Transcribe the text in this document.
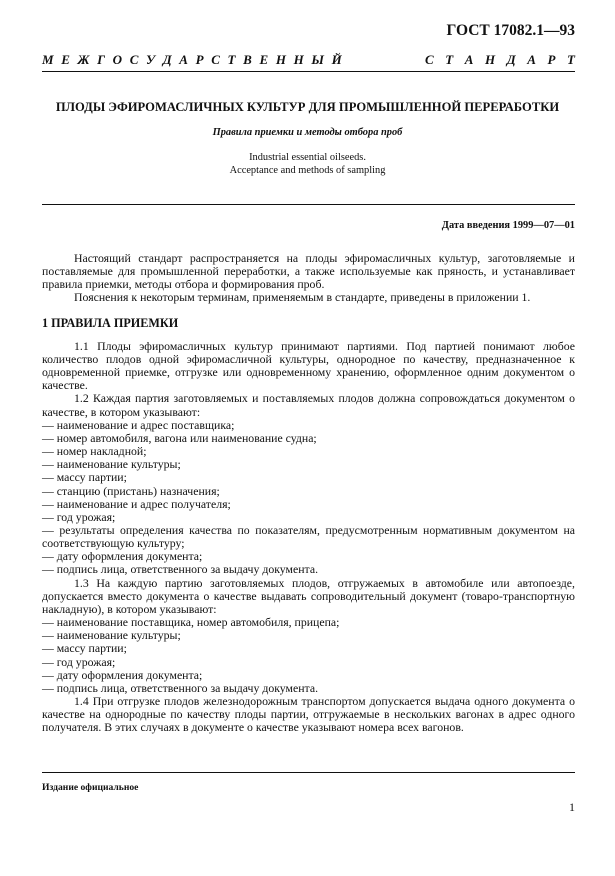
ГОСТ 17082.1—93
М Е Ж Г О С У Д А Р С Т В Е Н Н Ы Й	С Т А Н Д А Р Т
ПЛОДЫ ЭФИРОМАСЛИЧНЫХ КУЛЬТУР ДЛЯ ПРОМЫШЛЕННОЙ ПЕРЕРАБОТКИ
Правила приемки и методы отбора проб
Industrial essential oilseeds.
Acceptance and methods of sampling
Дата введения 1999—07—01

Настоящий стандарт распространяется на плоды эфиромасличных культур, заготовляемые и поставляемые для промышленной переработки, а также используемые как пряность, и устанавливает правила приемки, методы отбора и формирования проб.

Пояснения к некоторым терминам, применяемым в стандарте, приведены в приложении 1.

1 ПРАВИЛА ПРИЕМКИ

1.1 Плоды эфиромасличных культур принимают партиями. Под партией понимают любое количество плодов одной эфиромасличной культуры, однородное по качеству, предназначенное к одновременной приемке, отгрузке или одновременному хранению, оформленное одним документом о качестве.

1.2 Каждая партия заготовляемых и поставляемых плодов должна сопровождаться документом о качестве, в котором указывают:

— наименование и адрес поставщика;

— номер автомобиля, вагона или наименование судна;

— номер накладной;

— наименование культуры;

— массу партии;

— станцию (пристань) назначения;

— наименование и адрес получателя;

— год урожая;

— результаты определения качества по показателям, предусмотренным нормативным документом на соответствующую культуру;

— дату оформления документа;

— подпись лица, ответственного за выдачу документа.

1.3 На каждую партию заготовляемых плодов, отгружаемых в автомобиле или автопоезде, допускается вместо документа о качестве выдавать сопроводительный документ (товаро-транспортную накладную), в котором указывают:

— наименование поставщика, номер автомобиля, прицепа;

— наименование культуры;

— массу партии;

— год урожая;

— дату оформления документа;

— подпись лица, ответственного за выдачу документа.

1.4 При отгрузке плодов железнодорожным транспортом допускается выдача одного документа о качестве на однородные по качеству плоды партии, отгружаемые в нескольких вагонах в адрес одного получателя. В этих случаях в документе о качестве указывают номера всех вагонов.

Издание официальное
1
